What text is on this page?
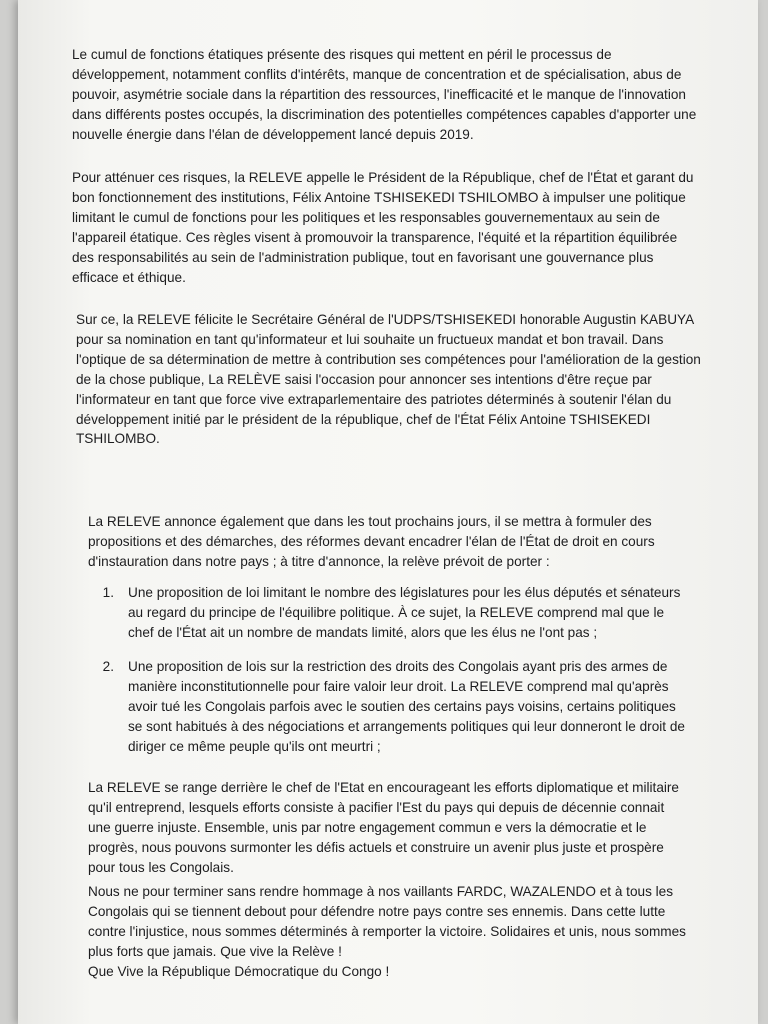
Le cumul de fonctions étatiques présente des risques qui mettent en péril le processus de développement, notamment conflits d'intérêts, manque de concentration et de spécialisation, abus de pouvoir, asymétrie sociale dans la répartition des ressources, l'inefficacité et le manque de l'innovation dans différents postes occupés, la discrimination des potentielles compétences capables d'apporter une nouvelle énergie dans l'élan de développement lancé depuis 2019.
Pour atténuer ces risques, la RELEVE appelle le Président de la République, chef de l'État et garant du bon fonctionnement des institutions, Félix Antoine TSHISEKEDI TSHILOMBO à impulser une politique limitant le cumul de fonctions pour les politiques et les responsables gouvernementaux au sein de l'appareil étatique. Ces règles visent à promouvoir la transparence, l'équité et la répartition équilibrée des responsabilités au sein de l'administration publique, tout en favorisant une gouvernance plus efficace et éthique.
Sur ce, la RELEVE félicite le Secrétaire Général de l'UDPS/TSHISEKEDI honorable Augustin KABUYA pour sa nomination en tant qu'informateur et lui souhaite un fructueux mandat et bon travail. Dans l'optique de sa détermination de mettre à contribution ses compétences pour l'amélioration de la gestion de la chose publique, La RELÈVE saisi l'occasion pour annoncer ses intentions d'être reçue par l'informateur en tant que force vive extraparlementaire des patriotes déterminés à soutenir l'élan du développement initié par le président de la république, chef de l'État Félix Antoine TSHISEKEDI TSHILOMBO.
La RELEVE annonce également que dans les tout prochains jours, il se mettra à formuler des propositions et des démarches, des réformes devant encadrer l'élan de l'État de droit en cours d'instauration dans notre pays ; à titre d'annonce, la relève prévoit de porter :
1. Une proposition de loi limitant le nombre des législatures pour les élus députés et sénateurs au regard du principe de l'équilibre politique. À ce sujet, la RELEVE comprend mal que le chef de l'État ait un nombre de mandats limité, alors que les élus ne l'ont pas ;
2. Une proposition de lois sur la restriction des droits des Congolais ayant pris des armes de manière inconstitutionnelle pour faire valoir leur droit. La RELEVE comprend mal qu'après avoir tué les Congolais parfois avec le soutien des certains pays voisins, certains politiques se sont habitués à des négociations et arrangements politiques qui leur donneront le droit de diriger ce même peuple qu'ils ont meurtri ;
La RELEVE se range derrière le chef de l'Etat en encourageant les efforts diplomatique et militaire qu'il entreprend, lesquels efforts consiste à pacifier l'Est du pays qui depuis de décennie connait une guerre injuste. Ensemble, unis par notre engagement commun e vers la démocratie et le progrès, nous pouvons surmonter les défis actuels et construire un avenir plus juste et prospère pour tous les Congolais.
Nous ne pour terminer sans rendre hommage à nos vaillants FARDC, WAZALENDO et à tous les Congolais qui se tiennent debout pour défendre notre pays contre ses ennemis. Dans cette lutte contre l'injustice, nous sommes déterminés à remporter la victoire. Solidaires et unis, nous sommes plus forts que jamais. Que vive la Relève !
Que Vive la République Démocratique du Congo !
